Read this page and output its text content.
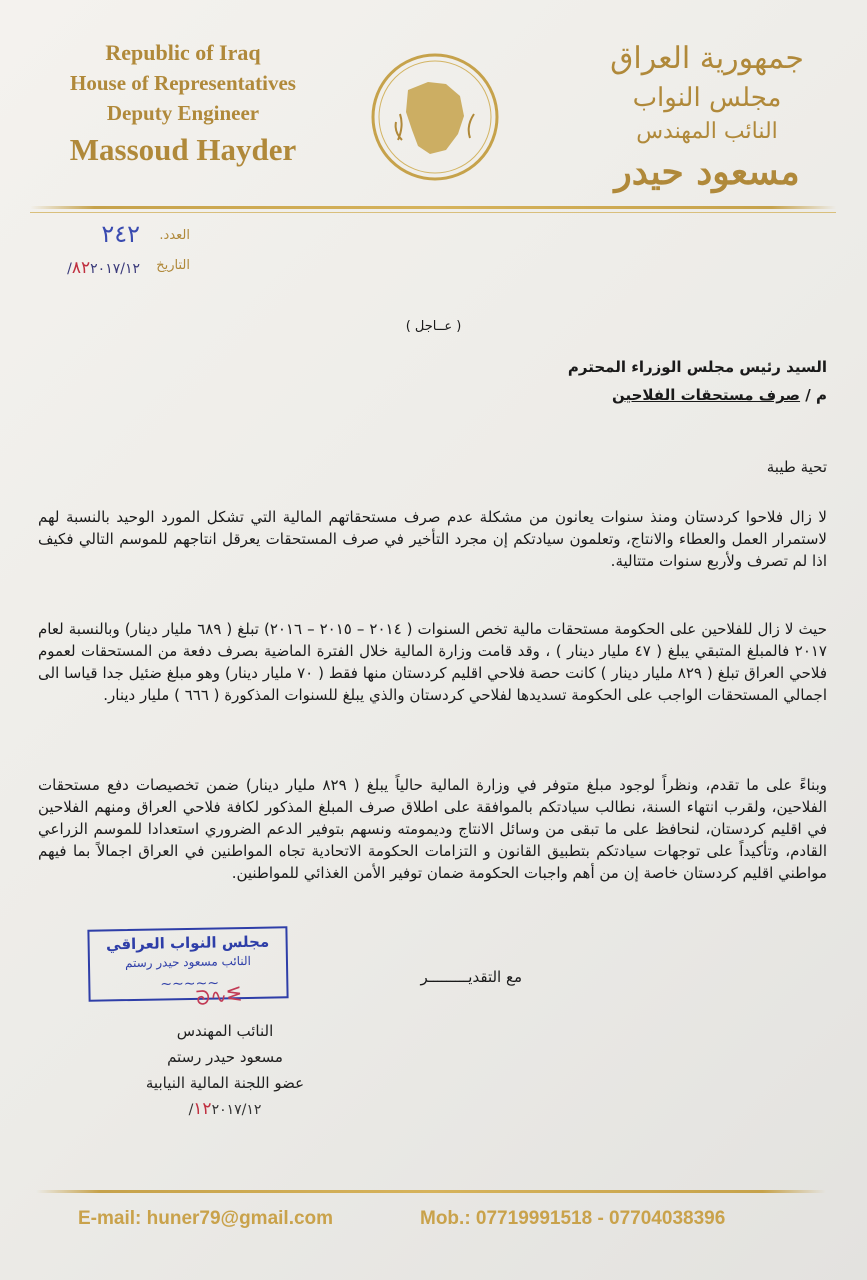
Republic of Iraq
House of Representatives
Deputy Engineer
Massoud Hayder
جمهورية العراق
مجلس النواب
النائب المهندس
مسعود حيدر
العدد.
٢٤٢
التاريخ
٨٢٢٠١٧/١٢/
( عــاجل )
السيد رئيس مجلس الوزراء المحترم
م / صرف مستحقات الفلاحين
تحية طيبة
لا زال فلاحوا كردستان ومنذ سنوات يعانون من مشكلة عدم صرف مستحقاتهم المالية التي تشكل المورد الوحيد بالنسبة لهم لاستمرار العمل والعطاء والانتاج، وتعلمون سيادتكم إن مجرد التأخير في صرف المستحقات يعرقل انتاجهم للموسم التالي فكيف اذا لم تصرف ولأربع سنوات متتالية.
حيث لا زال للفلاحين على الحكومة مستحقات مالية تخص السنوات ( ٢٠١٤ – ٢٠١٥ – ٢٠١٦) تبلغ ( ٦٨٩ مليار دينار) وبالنسبة لعام ٢٠١٧ فالمبلغ المتبقي يبلغ ( ٤٧ مليار دينار ) ، وقد قامت وزارة المالية خلال الفترة الماضية بصرف دفعة من المستحقات لعموم فلاحي العراق تبلغ ( ٨٢٩ مليار دينار ) كانت حصة فلاحي اقليم كردستان منها فقط ( ٧٠ مليار دينار) وهو مبلغ ضئيل جدا قياسا الى اجمالي المستحقات الواجب على الحكومة تسديدها لفلاحي كردستان والذي يبلغ للسنوات المذكورة ( ٦٦٦ ) مليار دينار.
وبناءً على ما تقدم، ونظراً لوجود مبلغ متوفر في وزارة المالية حالياً يبلغ ( ٨٢٩ مليار دينار) ضمن تخصيصات دفع مستحقات الفلاحين، ولقرب انتهاء السنة، نطالب سيادتكم بالموافقة على اطلاق صرف المبلغ المذكور لكافة فلاحي العراق ومنهم الفلاحين في اقليم كردستان، لنحافظ على ما تبقى من وسائل الانتاج وديمومته ونسهم بتوفير الدعم الضروري استعدادا للموسم الزراعي القادم، وتأكيداً على توجهات سيادتكم بتطبيق القانون و التزامات الحكومة الاتحادية تجاه المواطنين في العراق اجمالاً بما فيهم مواطني اقليم كردستان خاصة إن من أهم واجبات الحكومة ضمان توفير الأمن الغذائي للمواطنين.
مع التقديـــــــــر
مجلس النواب العراقي
النائب مسعود حيدر رستم
~~~~~
ᘐ∿ᓬ
النائب المهندس
مسعود حيدر رستم
عضو اللجنة المالية النيابية
١٢٢٠١٧/١٢/
E-mail: huner79@gmail.com	Mob.: 07719991518 - 07704038396
